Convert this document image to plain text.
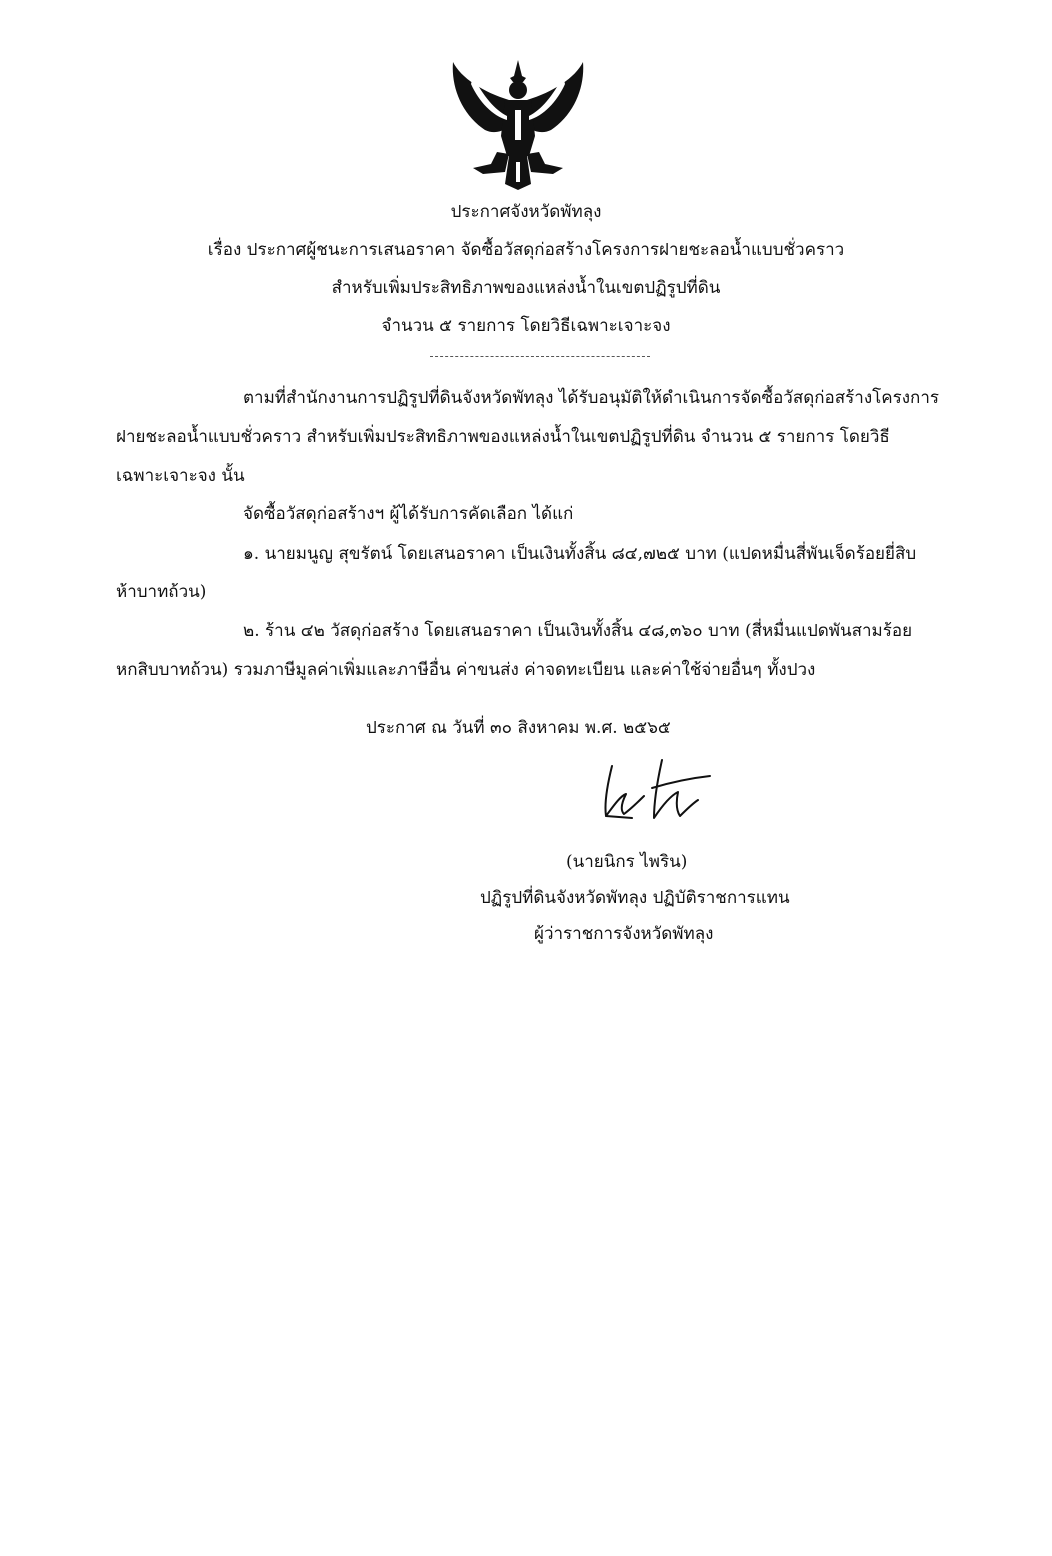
ประกาศจังหวัดพัทลุง
เรื่อง ประกาศผู้ชนะการเสนอราคา จัดซื้อวัสดุก่อสร้างโครงการฝายชะลอน้ำแบบชั่วคราว
สำหรับเพิ่มประสิทธิภาพของแหล่งน้ำในเขตปฏิรูปที่ดิน
จำนวน ๕ รายการ โดยวิธีเฉพาะเจาะจง
ตามที่สำนักงานการปฏิรูปที่ดินจังหวัดพัทลุง ได้รับอนุมัติให้ดำเนินการจัดซื้อวัสดุก่อสร้างโครงการ
ฝายชะลอน้ำแบบชั่วคราว สำหรับเพิ่มประสิทธิภาพของแหล่งน้ำในเขตปฏิรูปที่ดิน จำนวน ๕ รายการ โดยวิธี
เฉพาะเจาะจง นั้น
จัดซื้อวัสดุก่อสร้างฯ ผู้ได้รับการคัดเลือก ได้แก่
๑. นายมนูญ สุขรัตน์ โดยเสนอราคา เป็นเงินทั้งสิ้น ๘๔,๗๒๕ บาท (แปดหมื่นสี่พันเจ็ดร้อยยี่สิบ
ห้าบาทถ้วน)
๒. ร้าน ๔๒ วัสดุก่อสร้าง โดยเสนอราคา เป็นเงินทั้งสิ้น ๔๘,๓๖๐ บาท (สี่หมื่นแปดพันสามร้อย
หกสิบบาทถ้วน) รวมภาษีมูลค่าเพิ่มและภาษีอื่น ค่าขนส่ง ค่าจดทะเบียน และค่าใช้จ่ายอื่นๆ ทั้งปวง
ประกาศ ณ วันที่ ๓๐ สิงหาคม พ.ศ. ๒๕๖๕
(นายนิกร ไพริน)
ปฏิรูปที่ดินจังหวัดพัทลุง ปฏิบัติราชการแทน
ผู้ว่าราชการจังหวัดพัทลุง
